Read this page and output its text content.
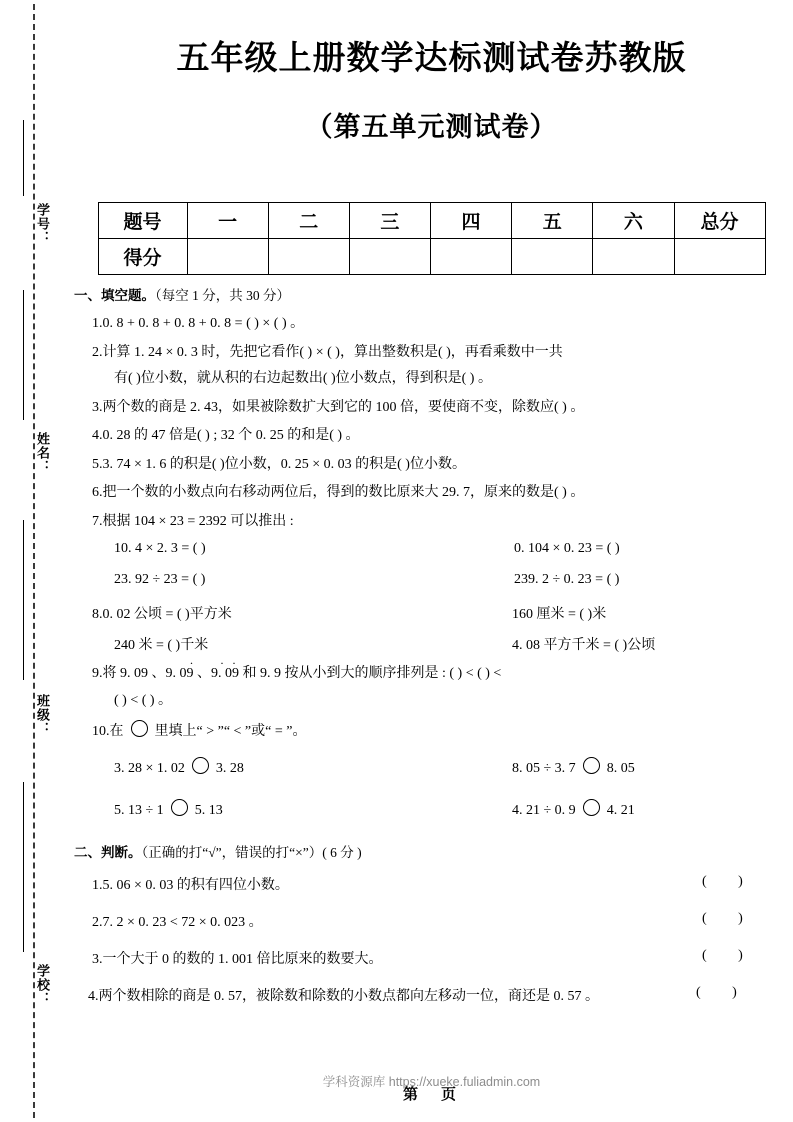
学号：
姓名：
班级：
学校：
五年级上册数学达标测试卷苏教版
（第五单元测试卷）
题号	一	二	三	四	五	六	总分
得分							
一、填空题。（每空 1 分，共 30 分）
1.0. 8 + 0. 8 + 0. 8 + 0. 8 = ( ) × ( ) 。
2.计算 1. 24 × 0. 3 时，先把它看作( ) × ( )，算出整数积是( )，再看乘数中一共
有( )位小数，就从积的右边起数出( )位小数点，得到积是( ) 。
3.两个数的商是 2. 43，如果被除数扩大到它的 100 倍，要使商不变，除数应( ) 。
4.0. 28 的 47 倍是( ) ; 32 个 0. 25 的和是( ) 。
5.3. 74 × 1. 6 的积是( )位小数，0. 25 × 0. 03 的积是( )位小数。
6.把一个数的小数点向右移动两位后，得到的数比原来大 29. 7，原来的数是( ) 。
7.根据 104 × 23 = 2392 可以推出 :
10. 4 × 2. 3 = ( )	0. 104 × 0. 23 = ( )
23. 92 ÷ 23 = ( )	239. 2 ÷ 0. 23 = ( )
8.0. 02 公顷 = ( )平方米	160 厘米 = ( )米
240 米 = ( )千米	4. 08 平方千米 = ( )公顷
9.将 9. 09 、9. 09 · 、9. 09 ·· 和 9. 9 按从小到大的顺序排列是 : ( ) < ( ) <
( ) < ( ) 。
10.在 里填上“ > ”“ < ”或“ = ”。
3. 28 × 1. 02 3. 28	8. 05 ÷ 3. 7 8. 05
5. 13 ÷ 1 5. 13	4. 21 ÷ 0. 9 4. 21
二、判断。（正确的打“√”，错误的打“×”）( 6 分 )
1.5. 06 × 0. 03 的积有四位小数。	( )
2.7. 2 × 0. 23 < 72 × 0. 023 。	( )
3.一个大于 0 的数的 1. 001 倍比原来的数要大。	( )
4.两个数相除的商是 0. 57，被除数和除数的小数点都向左移动一位，商还是 0. 57 。	( )
学科资源库 https://xueke.fuliadmin.com
第　页
